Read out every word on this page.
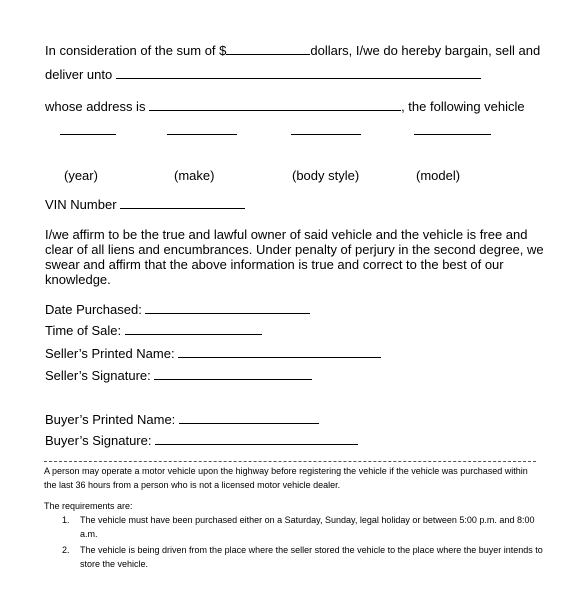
In consideration of the sum of $	dollars, I/we do hereby bargain, sell and
deliver unto
whose address is	, the following vehicle
(year)	(make)	(body style)	(model)
VIN Number
I/we affirm to be the true and lawful owner of said vehicle and the vehicle is free and clear of all liens and encumbrances. Under penalty of perjury in the second degree, we swear and affirm that the above information is true and correct to the best of our knowledge.
Date Purchased:
Time of Sale:
Seller’s Printed Name:
Seller’s Signature:
Buyer’s Printed Name:
Buyer’s Signature:
A person may operate a motor vehicle upon the highway before registering the vehicle if the vehicle was purchased within the last 36 hours from a person who is not a licensed motor vehicle dealer.
The requirements are:
1. The vehicle must have been purchased either on a Saturday, Sunday, legal holiday or between 5:00 p.m. and 8:00 a.m.
2. The vehicle is being driven from the place where the seller stored the vehicle to the place where the buyer intends to store the vehicle.
